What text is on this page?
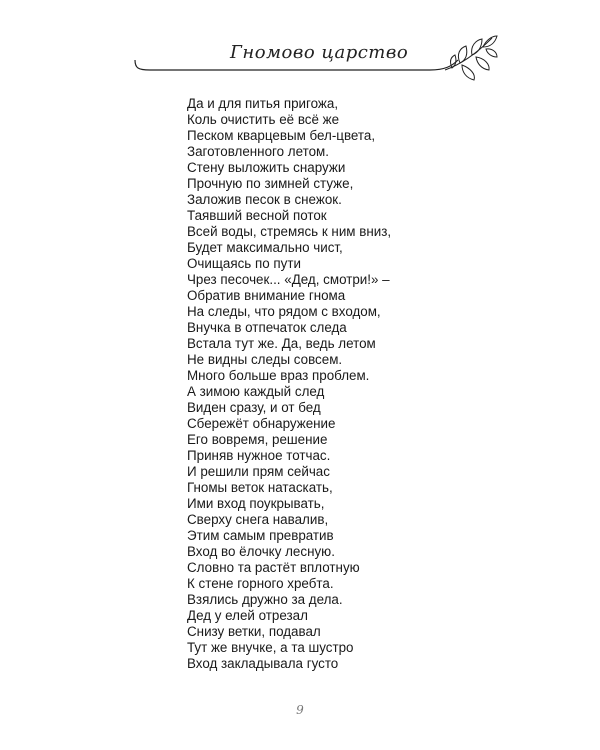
Гномово царство
Да и для питья пригожа,
Коль очистить её всё же
Песком кварцевым бел-цвета,
Заготовленного летом.
Стену выложить снаружи
Прочную по зимней стуже,
Заложив песок в снежок.
Таявший весной поток
Всей воды, стремясь к ним вниз,
Будет максимально чист,
Очищаясь по пути
Чрез песочек... «Дед, смотри!» –
Обратив внимание гнома
На следы, что рядом с входом,
Внучка в отпечаток следа
Встала тут же. Да, ведь летом
Не видны следы совсем.
Много больше враз проблем.
А зимою каждый след
Виден сразу, и от бед
Сбережёт обнаружение
Его вовремя, решение
Приняв нужное тотчас.
И решили прям сейчас
Гномы веток натаскать,
Ими вход поукрывать,
Сверху снега навалив,
Этим самым превратив
Вход во ёлочку лесную.
Словно та растёт вплотную
К стене горного хребта.
Взялись дружно за дела.
Дед у елей отрезал
Снизу ветки, подавал
Тут же внучке, а та шустро
Вход закладывала густо
9
